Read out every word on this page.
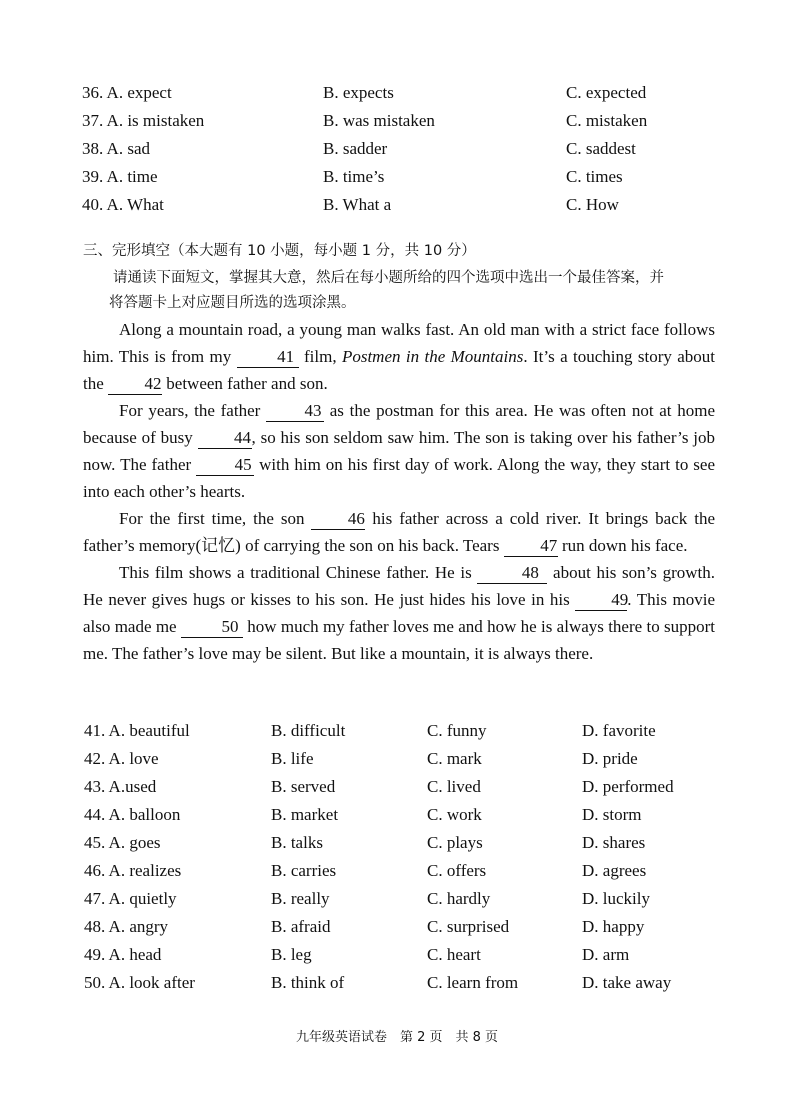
36. A. expect	B. expects	C. expected
37. A. is mistaken	B. was mistaken	C. mistaken
38. A. sad	B. sadder	C. saddest
39. A. time	B. time’s	C. times
40. A. What	B. What a	C. How
三、完形填空（本大题有 10 小题，每小题 1 分，共 10 分）
请通读下面短文，掌握其大意，然后在每小题所给的四个选项中选出一个最佳答案，并
将答题卡上对应题目所选的选项涂黑。

Along a mountain road, a young man walks fast. An old man with a strict face follows him. This is from my	41 film, Postmen in the Mountains. It’s a touching story about the 42 between father and son.

For years, the father	43 as the postman for this area. He was often not at home because of busy 44, so his son seldom saw him. The son is taking over his father’s job now. The father	45 with him on his first day of work. Along the way, they start to see into each other’s hearts.

For the first time, the son	46 his father across a cold river. It brings back the father’s memory(记忆) of carrying the son on his back. Tears 47 run down his face.

This film shows a traditional Chinese father. He is	48 about his son’s growth. He never gives hugs or kisses to his son. He just hides his love in his 49. This movie also made me	50 how much my father loves me and how he is always there to support me. The father’s love may be silent. But like a mountain, it is always there.

41. A. beautiful	B. difficult	C. funny	D. favorite
42. A. love	B. life	C. mark	D. pride
43. A.used	B. served	C. lived	D. performed
44. A. balloon	B. market	C. work	D. storm
45. A. goes	B. talks	C. plays	D. shares
46. A. realizes	B. carries	C. offers	D. agrees
47. A. quietly	B. really	C. hardly	D. luckily
48. A. angry	B. afraid	C. surprised	D. happy
49. A. head	B. leg	C. heart	D. arm
50. A. look after	B. think of	C. learn from	D. take away
九年级英语试卷　第 2 页　共 8 页
